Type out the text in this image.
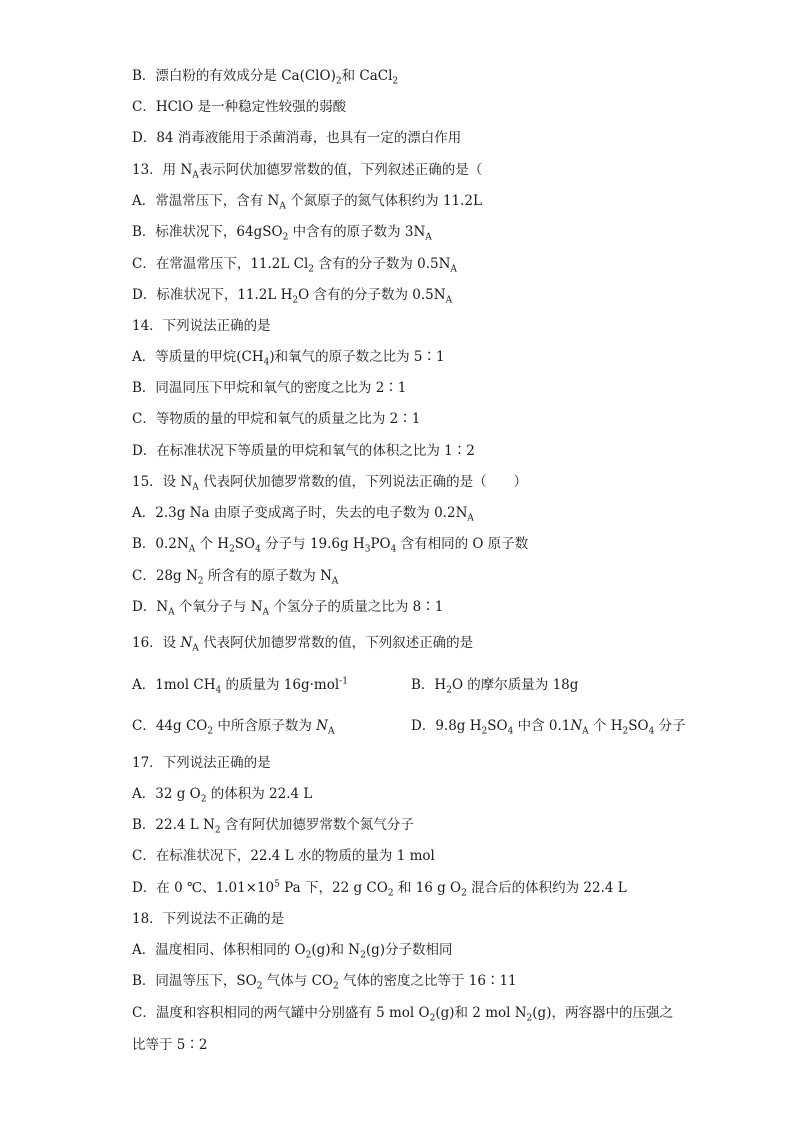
B．漂白粉的有效成分是 $Ca(ClO)_2$和 CaCl$_2$
C．HClO 是一种稳定性较强的弱酸
D．84 消毒液能用于杀菌消毒，也具有一定的漂白作用
13．用 $N_A$表示阿伏加德罗常数的值，下列叙述正确的是（
A．常温常压下，含有 $N_A$ 个氮原子的氮气体积约为 11.2L
B．标准状况下，64gSO$_2$ 中含有的原子数为 $3N_A$
C．在常温常压下，11.2L $Cl_2$ 含有的分子数为 $0.5N_A$
D．标准状况下，11.2L $H_2O$ 含有的分子数为 $0.5N_A$
14．下列说法正确的是
A．等质量的甲烷$(CH_4)$和氧气的原子数之比为 5∶1
B．同温同压下甲烷和氧气的密度之比为 2∶1
C．等物质的量的甲烷和氧气的质量之比为 2∶1
D．在标准状况下等质量的甲烷和氧气的体积之比为 1∶2
15．设 $N_A$ 代表阿伏加德罗常数的值，下列说法正确的是（　　）
A．2.3g Na 由原子变成离子时，失去的电子数为 $0.2N_A$
B．$0.2N_A$ 个 $H_2SO_4$ 分子与 19.6g $H_3PO_4$ 含有相同的 O 原子数
C．28g $N_2$ 所含有的原子数为 $N_A$
D．$N_A$ 个氧分子与 $N_A$ 个氢分子的质量之比为 8∶1
16．设 $N_A$ 代表阿伏加德罗常数的值，下列叙述正确的是
A．1mol $CH_4$ 的质量为 16g·mol$^{-1}$	B．$H_2O$ 的摩尔质量为 18g
C．44g $CO_2$ 中所含原子数为 $N_A$	D．9.8g $H_2SO_4$ 中含 $0.1N_A$ 个 $H_2SO_4$ 分子
17．下列说法正确的是
A．32 g $O_2$ 的体积为 22.4 L
B．22.4 L $N_2$ 含有阿伏加德罗常数个氮气分子
C．在标准状况下，22.4 L 水的物质的量为 1 mol
D．在 0 ℃、$1.01\times 10^5$ Pa 下，22 g $CO_2$ 和 16 g $O_2$ 混合后的体积约为 22.4 L
18．下列说法不正确的是
A．温度相同、体积相同的 $O_2(g)$和 $N_2(g)$分子数相同
B．同温等压下，$SO_2$ 气体与 $CO_2$ 气体的密度之比等于 16∶11
C．温度和容积相同的两气罐中分别盛有 5 mol $O_2(g)$和 2 mol $N_2(g)$，两容器中的压强之
比等于 5∶2
